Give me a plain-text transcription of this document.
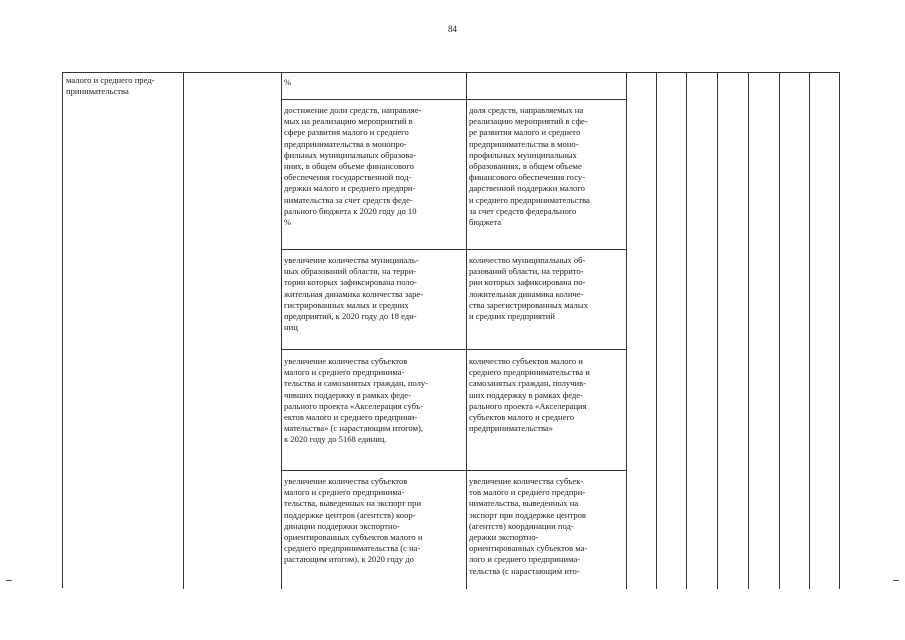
84
малого и среднего пред-
принимательства
%
достижение доли средств, направляе-
мых на реализацию мероприятий в
сфере развития малого и среднего
предпринимательства в монопро-
фильных муниципальных образова-
ниях, в общем объеме финансового
обеспечения государственной под-
держки малого и среднего предпри-
нимательства за счет средств феде-
рального бюджета к 2020 году до 10
%
доля средств, направляемых на
реализацию мероприятий в сфе-
ре развития малого и среднего
предпринимательства в моно-
профильных муниципальных
образованиях, в общем объеме
финансового обеспечения госу-
дарственной поддержки малого
и среднего предпринимательства
за счет средств федерального
бюджета
увеличение количества муниципаль-
ных образований области, на терри-
тории которых зафиксирована поло-
жительная динамика количества заре-
гистрированных малых и средних
предприятий, к 2020 году до 18 еди-
ниц
количество муниципальных об-
разований области, на террито-
рии которых зафиксирована по-
ложительная динамика количе-
ства зарегистрированных малых
и средних предприятий
увеличение количества субъектов
малого и среднего предпринима-
тельства и самозанятых граждан, полу-
чивших поддержку в рамках феде-
рального проекта «Акселерация субъ-
ектов малого и среднего предприни-
мательства» (с нарастающим итогом),
к 2020 году до 5168 единиц.
количество субъектов малого и
среднего предпринимательства и
самозанятых граждан, получив-
ших поддержку в рамках феде-
рального проекта «Акселерация
субъектов малого и среднего
предпринимательства»
увеличение количества субъектов
малого и среднего предпринима-
тельства, выведенных на экспорт при
поддержке центров (агентств) коор-
динации поддержки экспортно-
ориентированных субъектов малого и
среднего предпринимательства (с на-
растающим итогом), к 2020 году до
увеличение количества субъек-
тов малого и среднего предпри-
нимательства, выведенных на
экспорт при поддержке центров
(агентств) координации под-
держки экспортно-
ориентированных субъектов ма-
лого и среднего предпринима-
тельства (с нарастающим ито-
